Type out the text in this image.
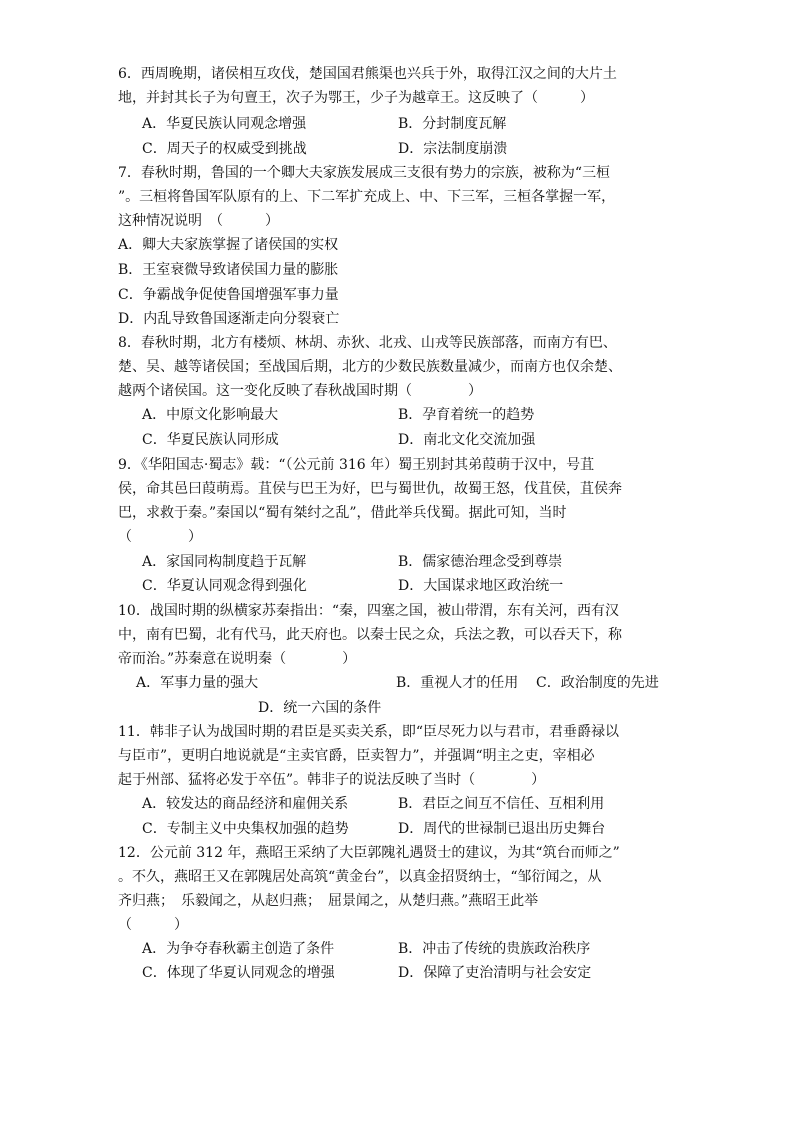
6．西周晚期，诸侯相互攻伐，楚国国君熊渠也兴兵于外，取得江汉之间的大片土
地，并封其长子为句亶王，次子为鄂王，少子为越章王。这反映了（　　　）
A．华夏民族认同观念增强	B．分封制度瓦解
C．周天子的权威受到挑战	D．宗法制度崩溃
7．春秋时期，鲁国的一个卿大夫家族发展成三支很有势力的宗族，被称为“三桓
”。三桓将鲁国军队原有的上、下二军扩充成上、中、下三军，三桓各掌握一军，
这种情况说明　（　　　）
A．卿大夫家族掌握了诸侯国的实权
B．王室衰微导致诸侯国力量的膨胀
C．争霸战争促使鲁国增强军事力量
D．内乱导致鲁国逐渐走向分裂衰亡
8．春秋时期，北方有楼烦、林胡、赤狄、北戎、山戎等民族部落，而南方有巴、
楚、吴、越等诸侯国；至战国后期，北方的少数民族数量减少，而南方也仅余楚、
越两个诸侯国。这一变化反映了春秋战国时期（　　　　）
A．中原文化影响最大	B．孕育着统一的趋势
C．华夏民族认同形成	D．南北文化交流加强
9．《华阳国志·蜀志》载：“（公元前 316 年）蜀王别封其弟葭萌于汉中，号苴
侯，命其邑曰葭萌焉。苴侯与巴王为好，巴与蜀世仇，故蜀王怒，伐苴侯，苴侯奔
巴，求救于秦。”秦国以“蜀有桀纣之乱”，借此举兵伐蜀。据此可知，当时
（　　　　）
A．家国同构制度趋于瓦解	B．儒家德治理念受到尊崇
C．华夏认同观念得到强化	D．大国谋求地区政治统一
10．战国时期的纵横家苏秦指出：“秦，四塞之国，被山带渭，东有关河，西有汉
中，南有巴蜀，北有代马，此天府也。以秦士民之众，兵法之教，可以吞天下，称
帝而治。”苏秦意在说明秦（　　　　）
A．军事力量的强大	B．重视人才的任用 C．政治制度的先进
D．统一六国的条件
11．韩非子认为战国时期的君臣是买卖关系，即“臣尽死力以与君市，君垂爵禄以
与臣市”，更明白地说就是“主卖官爵，臣卖智力”，并强调“明主之吏，宰相必
起于州部、猛将必发于卒伍”。韩非子的说法反映了当时（　　　　）
A．较发达的商品经济和雇佣关系	B．君臣之间互不信任、互相利用
C．专制主义中央集权加强的趋势	D．周代的世禄制已退出历史舞台
12．公元前 312 年，燕昭王采纳了大臣郭隗礼遇贤士的建议，为其“筑台而师之”
。不久，燕昭王又在郭隗居处高筑“黄金台”，以真金招贤纳士，“邹衍闻之，从
齐归燕；　乐毅闻之，从赵归燕；　屈景闻之，从楚归燕。”燕昭王此举
（　　　）
A．为争夺春秋霸主创造了条件	B．冲击了传统的贵族政治秩序
C．体现了华夏认同观念的增强	D．保障了吏治清明与社会安定
